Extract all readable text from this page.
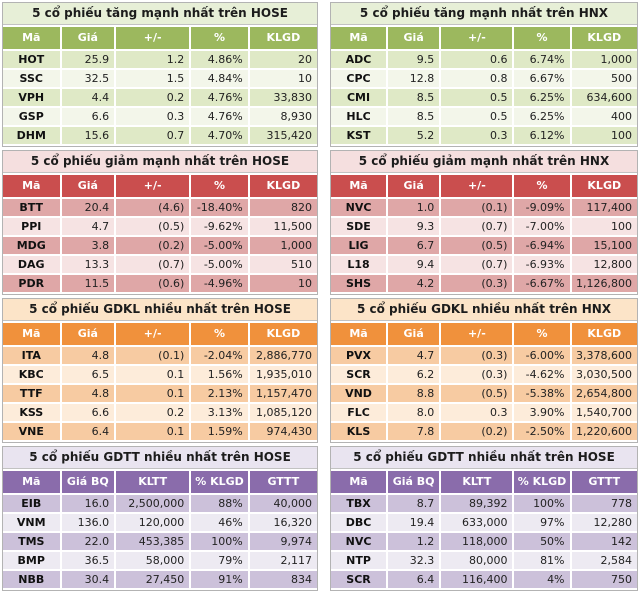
5 cổ phiếu tăng mạnh nhất trên HOSE
Mã	Giá	+/-	%	KLGD
HOT	25.9	1.2	4.86%	20
SSC	32.5	1.5	4.84%	10
VPH	4.4	0.2	4.76%	33,830
GSP	6.6	0.3	4.76%	8,930
DHM	15.6	0.7	4.70%	315,420
5 cổ phiếu tăng mạnh nhất trên HNX
Mã	Giá	+/-	%	KLGD
ADC	9.5	0.6	6.74%	1,000
CPC	12.8	0.8	6.67%	500
CMI	8.5	0.5	6.25%	634,600
HLC	8.5	0.5	6.25%	400
KST	5.2	0.3	6.12%	100
5 cổ phiếu giảm mạnh nhất trên HOSE
Mã	Giá	+/-	%	KLGD
BTT	20.4	(4.6)	-18.40%	820
PPI	4.7	(0.5)	-9.62%	11,500
MDG	3.8	(0.2)	-5.00%	1,000
DAG	13.3	(0.7)	-5.00%	510
PDR	11.5	(0.6)	-4.96%	10
5 cổ phiếu giảm mạnh nhất trên HNX
Mã	Giá	+/-	%	KLGD
NVC	1.0	(0.1)	-9.09%	117,400
SDE	9.3	(0.7)	-7.00%	100
LIG	6.7	(0.5)	-6.94%	15,100
L18	9.4	(0.7)	-6.93%	12,800
SHS	4.2	(0.3)	-6.67%	1,126,800
5 cổ phiếu GDKL nhiều nhất trên HOSE
Mã	Giá	+/-	%	KLGD
ITA	4.8	(0.1)	-2.04%	2,886,770
KBC	6.5	0.1	1.56%	1,935,010
TTF	4.8	0.1	2.13%	1,157,470
KSS	6.6	0.2	3.13%	1,085,120
VNE	6.4	0.1	1.59%	974,430
5 cổ phiếu GDKL nhiều nhất trên HNX
Mã	Giá	+/-	%	KLGD
PVX	4.7	(0.3)	-6.00%	3,378,600
SCR	6.2	(0.3)	-4.62%	3,030,500
VND	8.8	(0.5)	-5.38%	2,654,800
FLC	8.0	0.3	3.90%	1,540,700
KLS	7.8	(0.2)	-2.50%	1,220,600
5 cổ phiếu GDTT nhiều nhất trên HOSE
Mã	Giá BQ	KLTT	% KLGD	GTTT
EIB	16.0	2,500,000	88%	40,000
VNM	136.0	120,000	46%	16,320
TMS	22.0	453,385	100%	9,974
BMP	36.5	58,000	79%	2,117
NBB	30.4	27,450	91%	834
5 cổ phiếu GDTT nhiều nhất trên HOSE
Mã	Giá BQ	KLTT	% KLGD	GTTT
TBX	8.7	89,392	100%	778
DBC	19.4	633,000	97%	12,280
NVC	1.2	118,000	50%	142
NTP	32.3	80,000	81%	2,584
SCR	6.4	116,400	4%	750
